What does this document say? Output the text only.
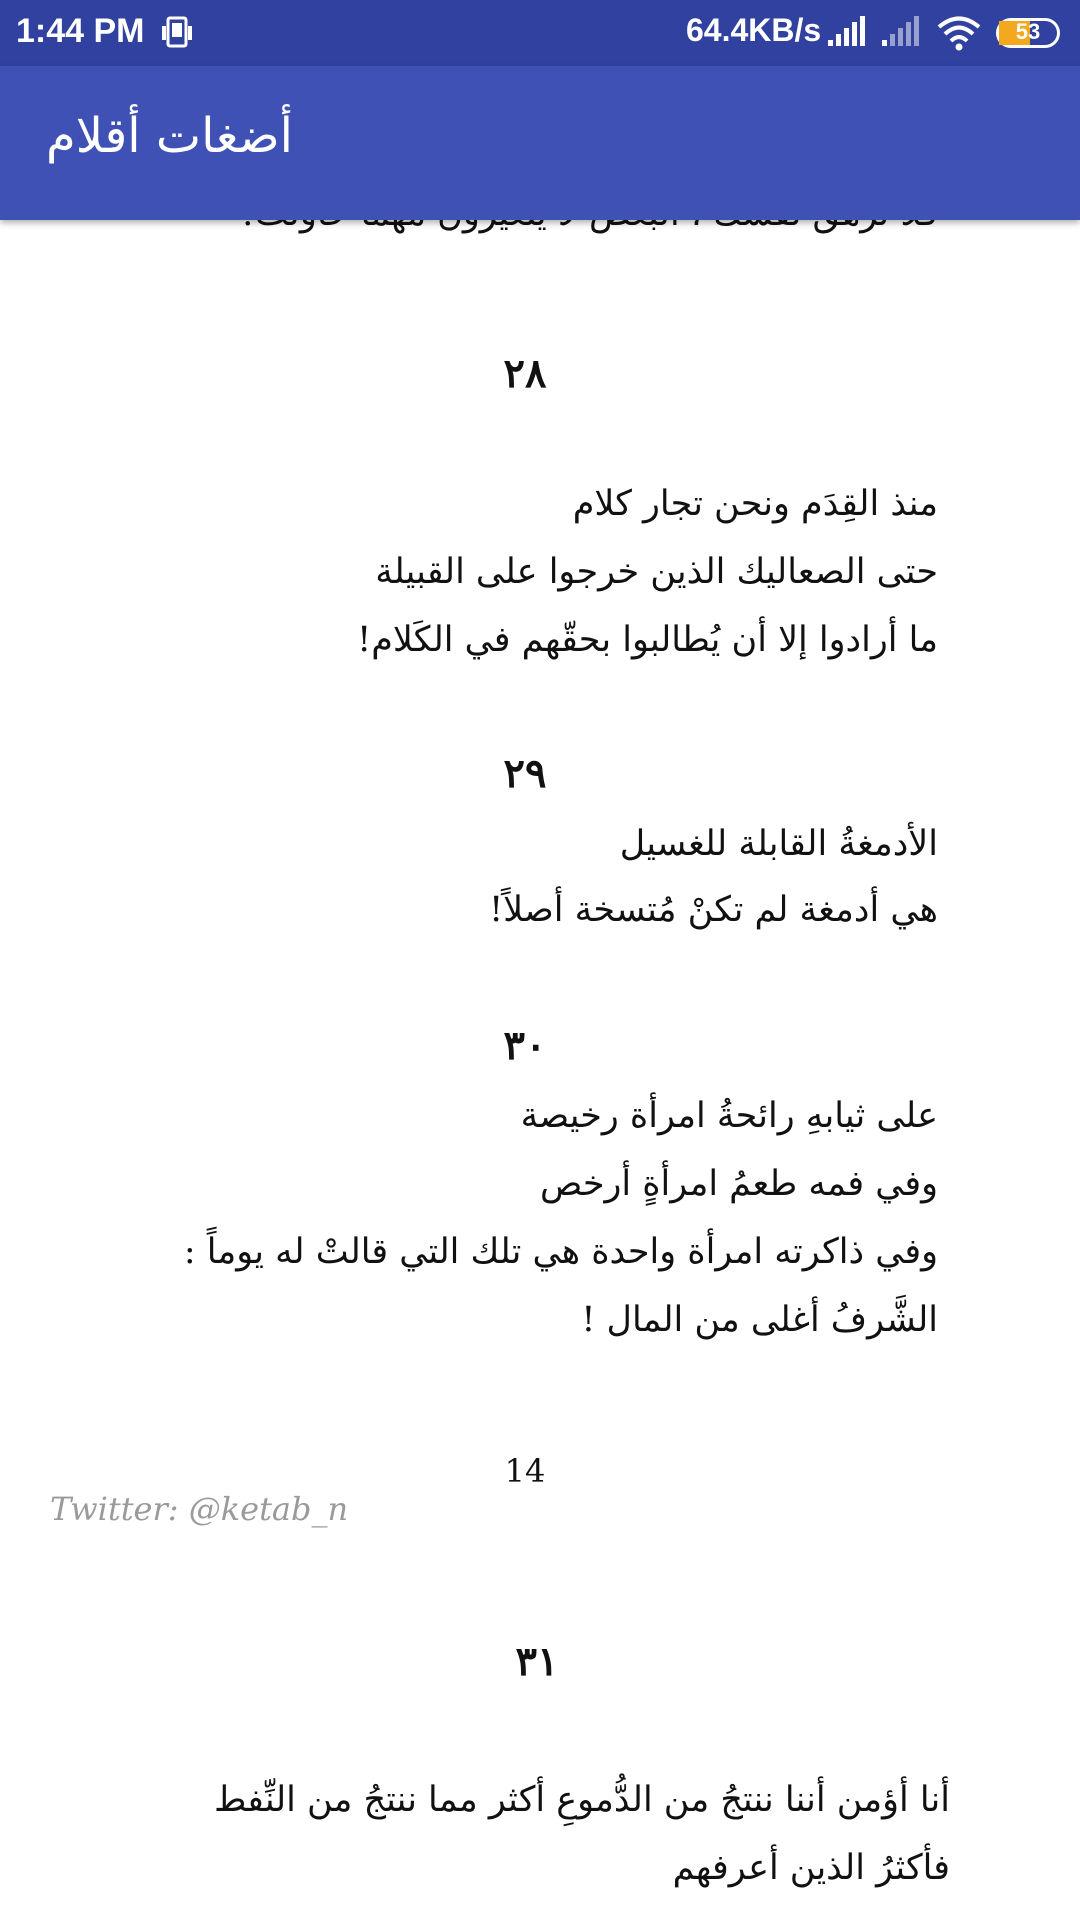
1:44 PM	64.4KB/s	53
أضغات أقلام
٢٨
منذ القِدَم ونحن تجار كلام
حتى الصعاليك الذين خرجوا على القبيلة
ما أرادوا إلا أن يُطالبوا بحقّهم في الكَلام!
٢٩
الأدمغةُ القابلة للغسيل
هي أدمغة لم تكنْ مُتسخة أصلاً!
٣٠
على ثيابهِ رائحةُ امرأة رخيصة
وفي فمه طعمُ امرأةٍ أرخص
وفي ذاكرته امرأة واحدة هي تلك التي قالتْ له يوماً :
الشَّرفُ أغلى من المال !
14
Twitter: @ketab_n
٣١
أنا أؤمن أننا ننتجُ من الدُّموعِ أكثر مما ننتجُ من النِّفط
فأكثرُ الذين أعرفهم
